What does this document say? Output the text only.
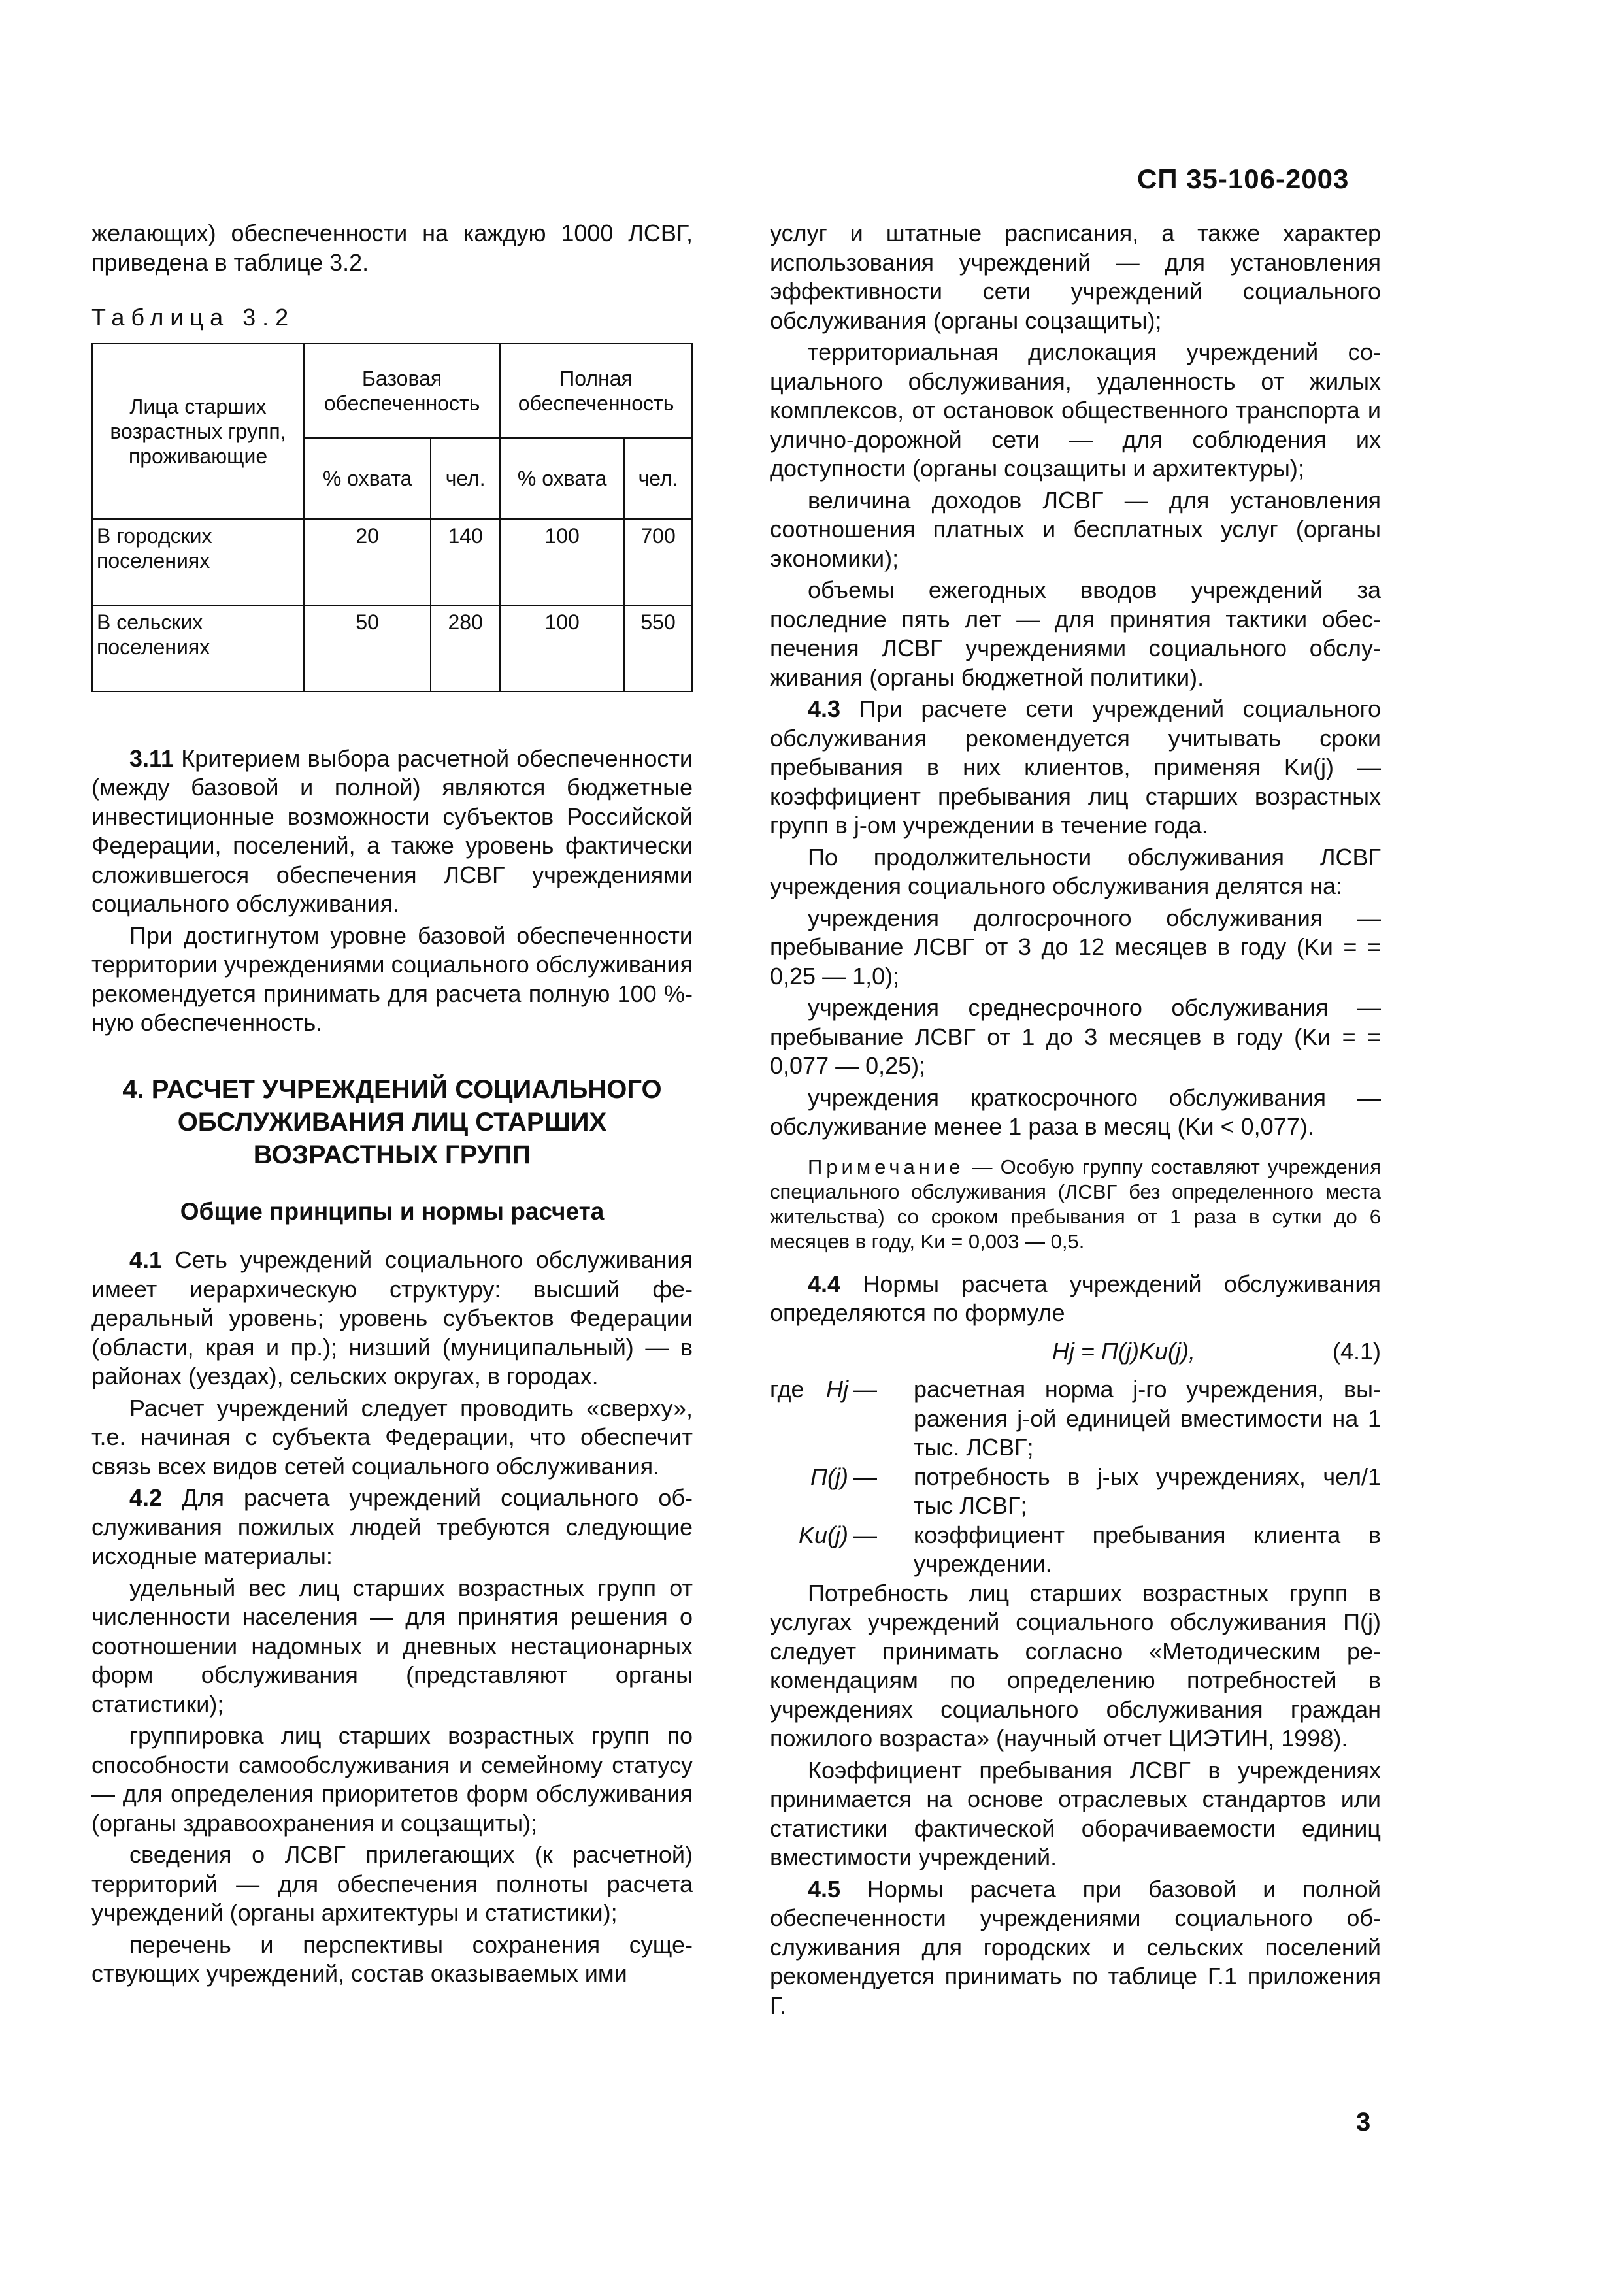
СП 35-106-2003

желающих) обеспеченности на каждую 1000 ЛСВГ, приведена в таблице 3.2.

Таблица 3.2
Лица старших возрастных групп, проживающие	Базовая обеспеченность		Полная обеспеченность	
	% охвата	чел.	% охвата	чел.
В городских поселениях	20	140	100	700
В сельских поселениях	50	280	100	550

3.11 Критерием выбора расчетной обеспеченности (между базовой и полной) являются бюджетные инвестиционные возможности субъектов Российской Федерации, поселений, а также уровень фактически сложившегося обеспечения ЛСВГ учреждениями социального обслуживания.

При достигнутом уровне базовой обеспеченности территории учреждениями социального обслуживания рекомендуется принимать для расчета полную 100 %-ную обеспеченность.

4. РАСЧЕТ УЧРЕЖДЕНИЙ СОЦИАЛЬНОГО ОБСЛУЖИВАНИЯ ЛИЦ СТАРШИХ ВОЗРАСТНЫХ ГРУПП
Общие принципы и нормы расчета

4.1 Сеть учреждений социального обслуживания имеет иерархическую структуру: высший федеральный уровень; уровень субъектов Федерации (области, края и пр.); низший (муниципальный) — в районах (уездах), сельских округах, в городах.

Расчет учреждений следует проводить «сверху», т.е. начиная с субъекта Федерации, что обеспечит связь всех видов сетей социального обслуживания.

4.2 Для расчета учреждений социального обслуживания пожилых людей требуются следующие исходные материалы:

удельный вес лиц старших возрастных групп от численности населения — для принятия решения о соотношении надомных и дневных нестационарных форм обслуживания (представляют органы статистики);

группировка лиц старших возрастных групп по способности самообслуживания и семейному статусу — для определения приоритетов форм обслуживания (органы здравоохранения и соцзащиты);

сведения о ЛСВГ прилегающих (к расчетной) территорий — для обеспечения полноты расчета учреждений (органы архитектуры и статистики);

перечень и перспективы сохранения существующих учреждений, состав оказываемых ими

услуг и штатные расписания, а также характер использования учреждений — для установления эффективности сети учреждений социального обслуживания (органы соцзащиты);

территориальная дислокация учреждений социального обслуживания, удаленность от жилых комплексов, от остановок общественного транспорта и улично-дорожной сети — для соблюдения их доступности (органы соцзащиты и архитектуры);

величина доходов ЛСВГ — для установления соотношения платных и бесплатных услуг (органы экономики);

объемы ежегодных вводов учреждений за последние пять лет — для принятия тактики обеспечения ЛСВГ учреждениями социального обслуживания (органы бюджетной политики).

4.3 При расчете сети учреждений социального обслуживания рекомендуется учитывать сроки пребывания в них клиентов, применяя Kи(j) — коэффициент пребывания лиц старших возрастных групп в j-ом учреждении в течение года.

По продолжительности обслуживания ЛСВГ учреждения социального обслуживания делятся на:

учреждения долгосрочного обслуживания — пребывание ЛСВГ от 3 до 12 месяцев в году (Kи = = 0,25 — 1,0);

учреждения среднесрочного обслуживания — пребывание ЛСВГ от 1 до 3 месяцев в году (Kи = = 0,077 — 0,25);

учреждения краткосрочного обслуживания — обслуживание менее 1 раза в месяц (Kи < 0,077).

Примечание — Особую группу составляют учреждения специального обслуживания (ЛСВГ без определенного места жительства) со сроком пребывания от 1 раза в сутки до 6 месяцев в году, Kи = 0,003 — 0,5.

4.4 Нормы расчета учреждений обслуживания определяются по формуле

Hj = П(j)Kи(j),	(4.1)
где Hj —	расчетная норма j-го учреждения, выражения j-ой единицей вместимости на 1 тыс. ЛСВГ;
П(j) —	потребность в j-ых учреждениях, чел/1 тыс ЛСВГ;
Kи(j) —	коэффициент пребывания клиента в учреждении.

Потребность лиц старших возрастных групп в услугах учреждений социального обслуживания П(j) следует принимать согласно «Методическим рекомендациям по определению потребностей в учреждениях социального обслуживания граждан пожилого возраста» (научный отчет ЦИЭТИН, 1998).

Коэффициент пребывания ЛСВГ в учреждениях принимается на основе отраслевых стандартов или статистики фактической оборачиваемости единиц вместимости учреждений.

4.5 Нормы расчета при базовой и полной обеспеченности учреждениями социального обслуживания для городских и сельских поселений рекомендуется принимать по таблице Г.1 приложения Г.

3
